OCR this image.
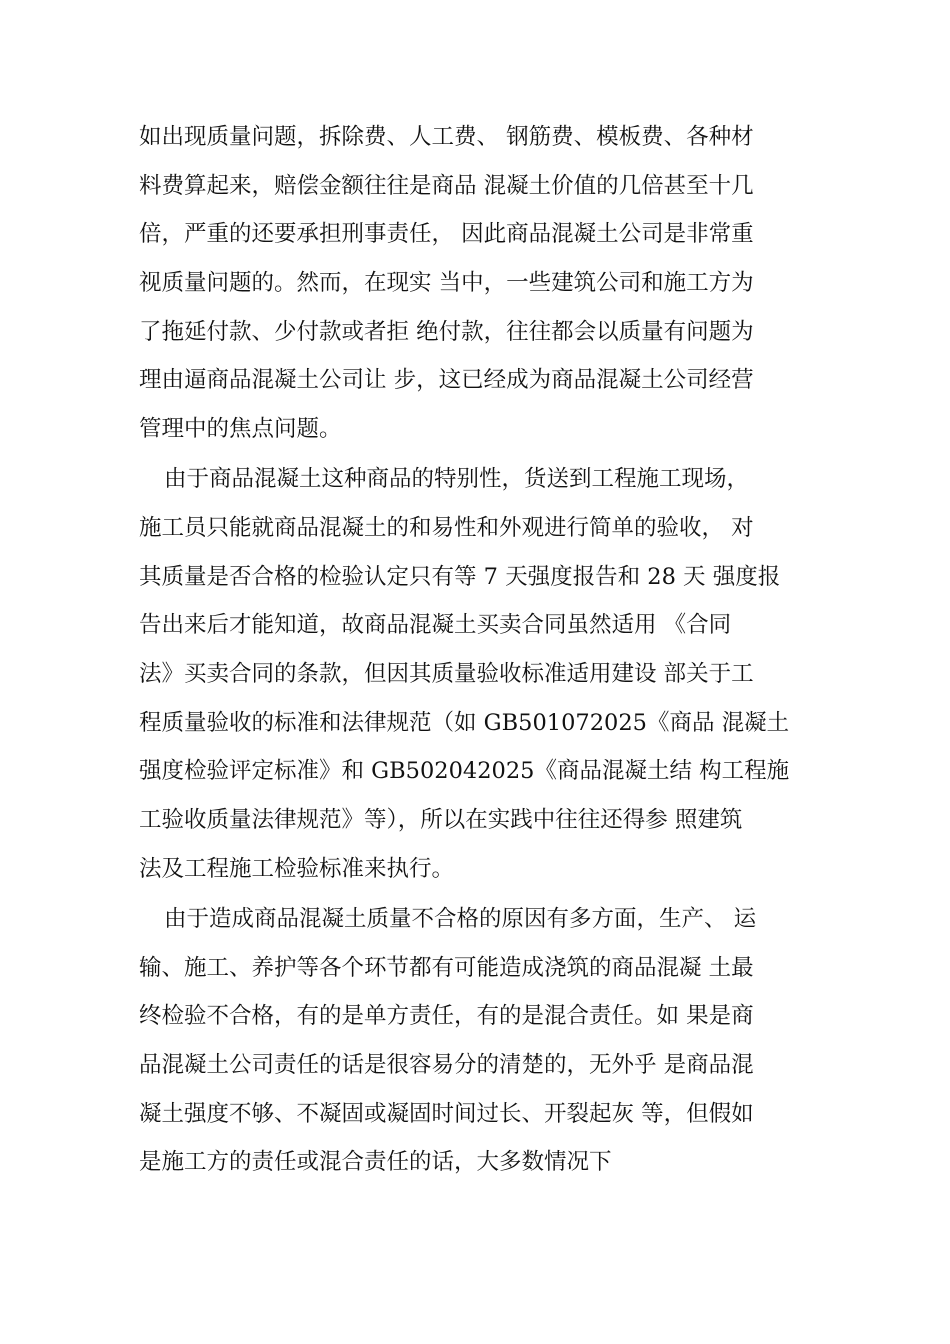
如出现质量问题，拆除费、人工费、 钢筋费、模板费、各种材
料费算起来，赔偿金额往往是商品 混凝土价值的几倍甚至十几
倍，严重的还要承担刑事责任， 因此商品混凝土公司是非常重
视质量问题的。然而，在现实 当中，一些建筑公司和施工方为
了拖延付款、少付款或者拒 绝付款，往往都会以质量有问题为
理由逼商品混凝土公司让 步，这已经成为商品混凝土公司经营
管理中的焦点问题。
由于商品混凝土这种商品的特别性，货送到工程施工现场，
施工员只能就商品混凝土的和易性和外观进行简单的验收， 对
其质量是否合格的检验认定只有等 7 天强度报告和 28 天 强度报
告出来后才能知道，故商品混凝土买卖合同虽然适用 《合同
法》买卖合同的条款，但因其质量验收标准适用建设 部关于工
程质量验收的标准和法律规范（如 GB501072025《商品 混凝土
强度检验评定标准》和 GB502042025《商品混凝土结 构工程施
工验收质量法律规范》等），所以在实践中往往还得参 照建筑
法及工程施工检验标准来执行。
由于造成商品混凝土质量不合格的原因有多方面，生产、 运
输、施工、养护等各个环节都有可能造成浇筑的商品混凝 土最
终检验不合格，有的是单方责任，有的是混合责任。如 果是商
品混凝土公司责任的话是很容易分的清楚的，无外乎 是商品混
凝土强度不够、不凝固或凝固时间过长、开裂起灰 等，但假如
是施工方的责任或混合责任的话，大多数情况下
